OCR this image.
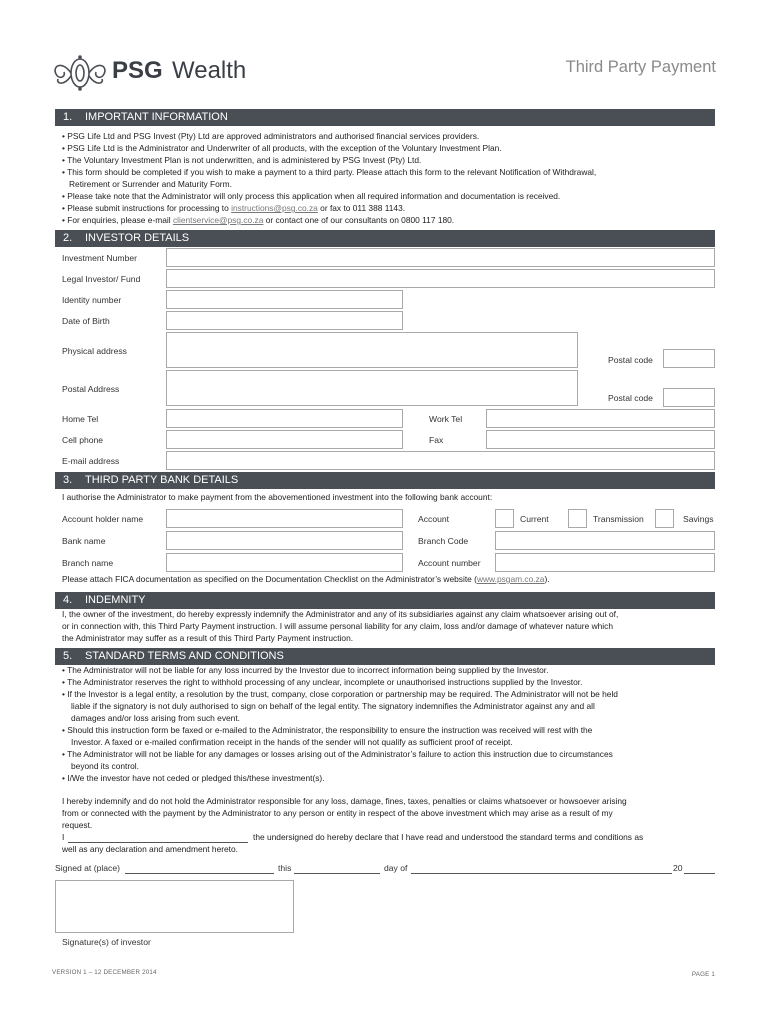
PSG Wealth	Third Party Payment
1. IMPORTANT INFORMATION
• PSG Life Ltd and PSG Invest (Pty) Ltd are approved administrators and authorised financial services providers.
• PSG Life Ltd is the Administrator and Underwriter of all products, with the exception of the Voluntary Investment Plan.
• The Voluntary Investment Plan is not underwritten, and is administered by PSG Invest (Pty) Ltd.
• This form should be completed if you wish to make a payment to a third party. Please attach this form to the relevant Notification of Withdrawal,
Retirement or Surrender and Maturity Form.
• Please take note that the Administrator will only process this application when all required information and documentation is received.
• Please submit instructions for processing to instructions@psg.co.za or fax to 011 388 1143.
• For enquiries, please e-mail clientservice@psg.co.za or contact one of our consultants on 0800 117 180.
2. INVESTOR DETAILS
Investment Number
Legal Investor/ Fund
Identity number
Date of Birth
Physical address
Postal code
Postal Address
Postal code
Home Tel	Work Tel
Cell phone	Fax
E-mail address
3. THIRD PARTY BANK DETAILS
I authorise the Administrator to make payment from the abovementioned investment into the following bank account:
Account holder name	Account	Current	Transmission	Savings
Bank name	Branch Code
Branch name	Account number
Please attach FICA documentation as specified on the Documentation Checklist on the Administrator’s website (www.psgam.co.za).
4. INDEMNITY
I, the owner of the investment, do hereby expressly indemnify the Administrator and any of its subsidiaries against any claim whatsoever arising out of,
or in connection with, this Third Party Payment instruction. I will assume personal liability for any claim, loss and/or damage of whatever nature which
the Administrator may suffer as a result of this Third Party Payment instruction.
5. STANDARD TERMS AND CONDITIONS
• The Administrator will not be liable for any loss incurred by the Investor due to incorrect information being supplied by the Investor.
• The Administrator reserves the right to withhold processing of any unclear, incomplete or unauthorised instructions supplied by the Investor.
• If the Investor is a legal entity, a resolution by the trust, company, close corporation or partnership may be required. The Administrator will not be held
liable if the signatory is not duly authorised to sign on behalf of the legal entity. The signatory indemnifies the Administrator against any and all
damages and/or loss arising from such event.
• Should this instruction form be faxed or e-mailed to the Administrator, the responsibility to ensure the instruction was received will rest with the
Investor. A faxed or e-mailed confirmation receipt in the hands of the sender will not qualify as sufficient proof of receipt.
• The Administrator will not be liable for any damages or losses arising out of the Administrator’s failure to action this instruction due to circumstances
beyond its control.
• I/We the investor have not ceded or pledged this/these investment(s).
I hereby indemnify and do not hold the Administrator responsible for any loss, damage, fines, taxes, penalties or claims whatsoever or howsoever arising
from or connected with the payment by the Administrator to any person or entity in respect of the above investment which may arise as a result of my
request.
I	the undersigned do hereby declare that I have read and understood the standard terms and conditions as
well as any declaration and amendment hereto.
Signed at (place)	this	day of	20
Signature(s) of investor
VERSION 1 – 12 DECEMBER 2014	PAGE 1
